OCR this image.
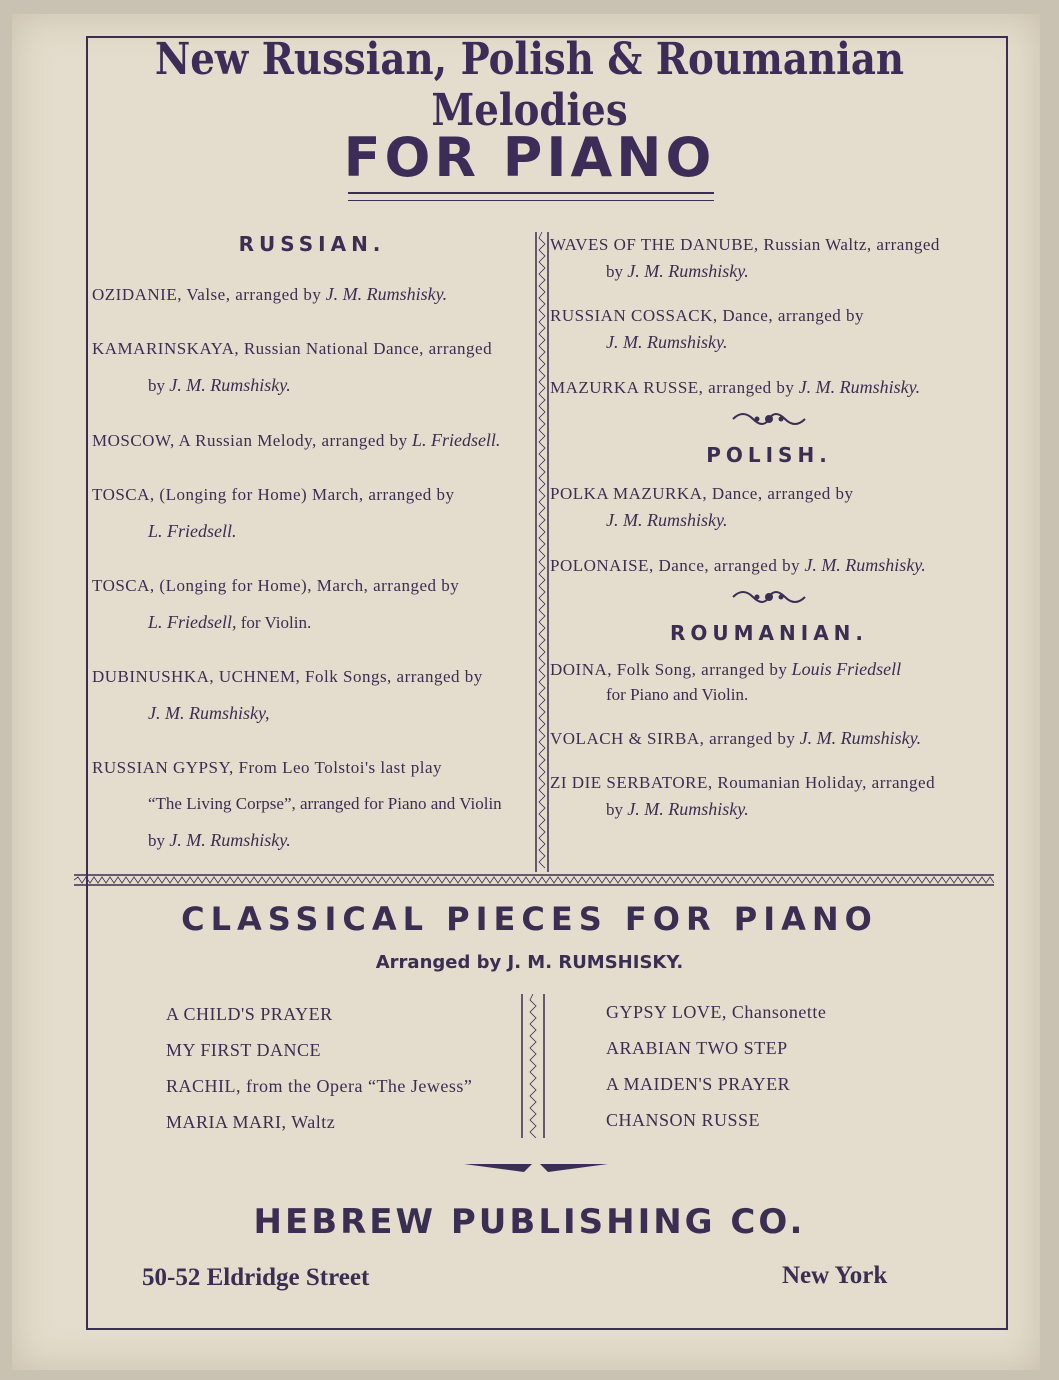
New Russian, Polish & Roumanian Melodies
FOR PIANO

RUSSIAN.

OZIDANIE, Valse, arranged by J. M. Rumshisky.

KAMARINSKAYA, Russian National Dance, arranged
by J. M. Rumshisky.

MOSCOW, A Russian Melody, arranged by L. Friedsell.

TOSCA, (Longing for Home) March, arranged by
L. Friedsell.

TOSCA, (Longing for Home), March, arranged by
L. Friedsell, for Violin.

DUBINUSHKA, UCHNEM, Folk Songs, arranged by
J. M. Rumshisky,

RUSSIAN GYPSY, From Leo Tolstoi's last play
“The Living Corpse”, arranged for Piano and Violin
by J. M. Rumshisky.

WAVES OF THE DANUBE, Russian Waltz, arranged
by J. M. Rumshisky.

RUSSIAN COSSACK, Dance, arranged by
J. M. Rumshisky.

MAZURKA RUSSE, arranged by J. M. Rumshisky.

POLISH.

POLKA MAZURKA, Dance, arranged by
J. M. Rumshisky.

POLONAISE, Dance, arranged by J. M. Rumshisky.

ROUMANIAN.

DOINA, Folk Song, arranged by Louis Friedsell
for Piano and Violin.

VOLACH & SIRBA, arranged by J. M. Rumshisky.

ZI DIE SERBATORE, Roumanian Holiday, arranged
by J. M. Rumshisky.

CLASSICAL PIECES FOR PIANO
Arranged by J. M. RUMSHISKY.
A CHILD'S PRAYER
MY FIRST DANCE
RACHIL, from the Opera “The Jewess”
MARIA MARI, Waltz
GYPSY LOVE, Chansonette
ARABIAN TWO STEP
A MAIDEN'S PRAYER
CHANSON RUSSE
HEBREW PUBLISHING CO.
50-52 Eldridge Street	New York
